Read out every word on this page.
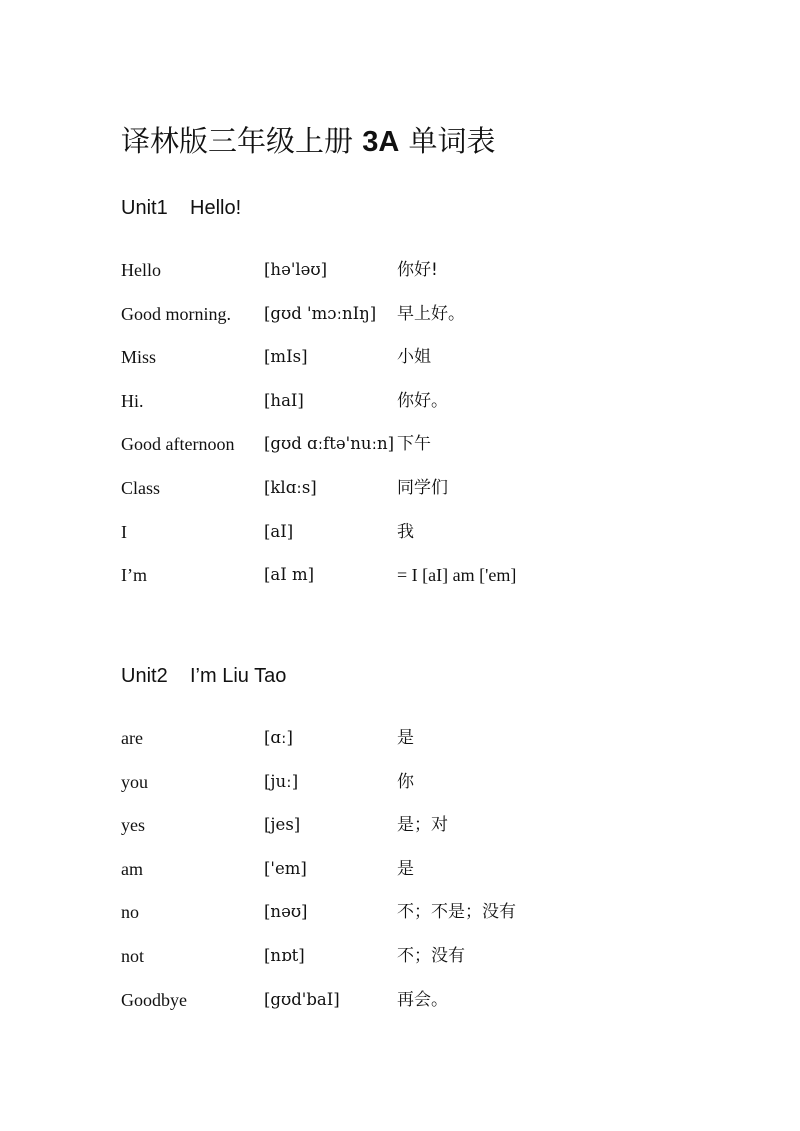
译林版三年级上册 3A 单词表
Unit1 Hello!
Hello	[hə'ləʊ]	你好!
Good morning. [gʊd 'mɔːnIŋ] 早上好。
Miss	[mIs]	小姐
Hi.	[haI]	你好。
Good afternoon [gʊd ɑːftə'nuːn] 下午
Class	[klɑːs]	同学们
I	[aI]	我
I’m	[aI m]	= I [aI] am ['em]
Unit2 I’m Liu Tao
are	[ɑː]	是
you	[juː]	你
yes	[jes]	是；对
am	['em]	是
no	[nəʊ]	不；不是；没有
not	[nɒt]	不；没有
Goodbye	[gʊd'baI]	再会。
